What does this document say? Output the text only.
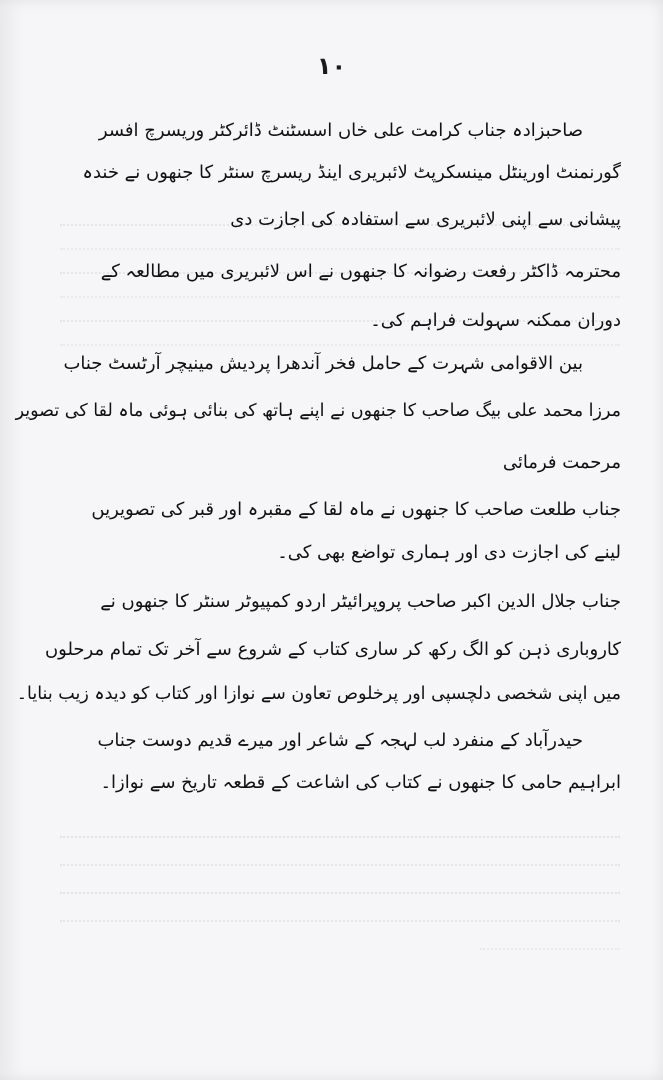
۱۰
صاحبزادہ جناب کرامت علی خاں اسسٹنٹ ڈائرکٹر وریسرچ افسر
گورنمنٹ اورینٹل مینسکرپٹ لائبریری اینڈ ریسرچ سنٹر کا جنھوں نے خندہ
پیشانی سے اپنی لائبریری سے استفادہ کی اجازت دی
محترمہ ڈاکٹر رفعت رضوانہ کا جنھوں نے اس لائبریری میں مطالعہ کے
دوران ممکنہ سہولت فراہم کی۔
بین الاقوامی شہرت کے حامل فخر آندھرا پردیش مینیچر آرٹسٹ جناب
مرزا محمد علی بیگ صاحب کا جنھوں نے اپنے ہاتھ کی بنائی ہوئی ماہ لقا کی تصویر
مرحمت فرمائی
جناب طلعت صاحب کا جنھوں نے ماہ لقا کے مقبرہ اور قبر کی تصویریں
لینے کی اجازت دی اور ہماری تواضع بھی کی۔
جناب جلال الدین اکبر صاحب پروپرائیٹر اردو کمپیوٹر سنٹر کا جنھوں نے
کاروباری ذہن کو الگ رکھ کر ساری کتاب کے شروع سے آخر تک تمام مرحلوں
میں اپنی شخصی دلچسپی اور پرخلوص تعاون سے نوازا اور کتاب کو دیدہ زیب بنایا۔
حیدرآباد کے منفرد لب لہجہ کے شاعر اور میرے قدیم دوست جناب
ابراہیم حامی کا جنھوں نے کتاب کی اشاعت کے قطعہ تاریخ سے نوازا۔
